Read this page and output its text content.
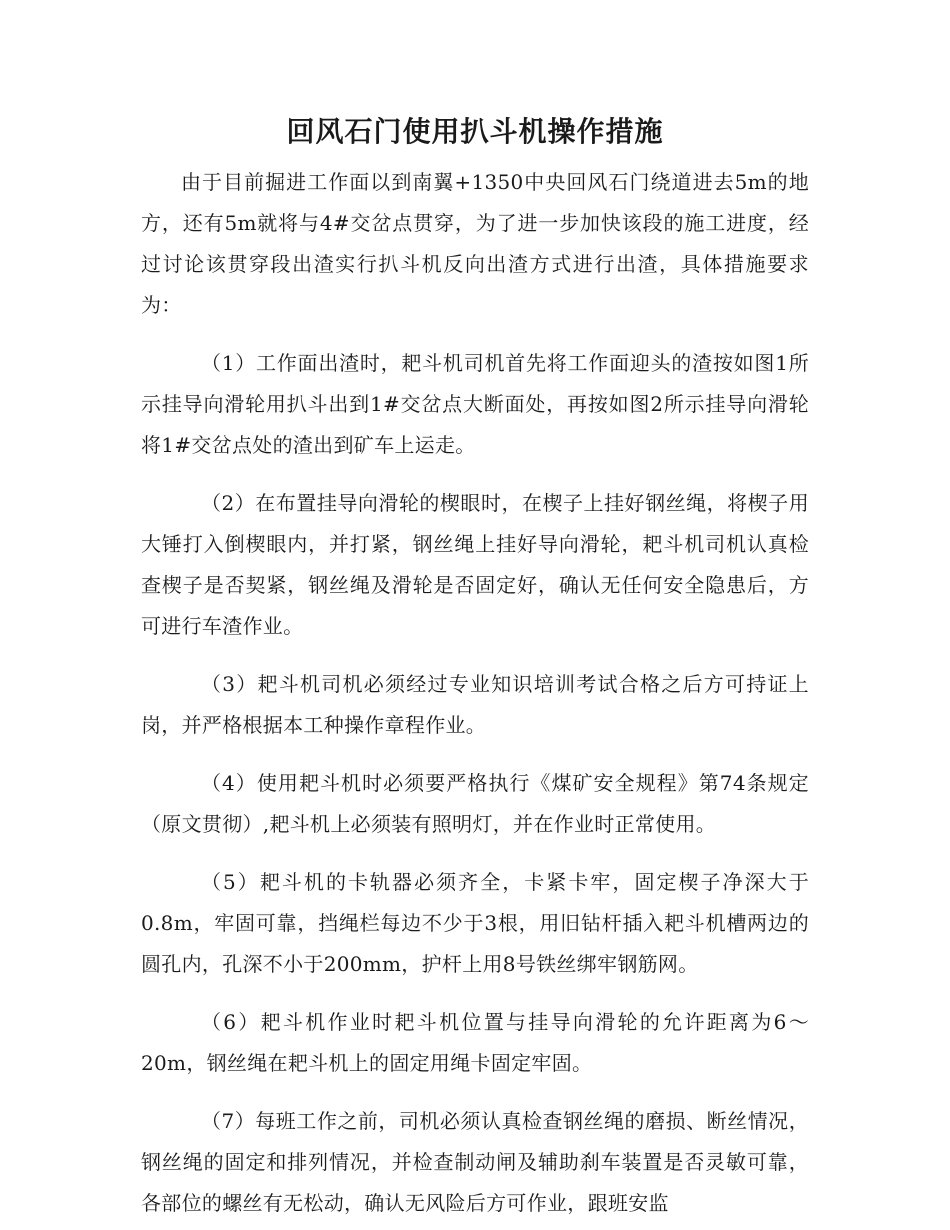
回风石门使用扒斗机操作措施

由于目前掘进工作面以到南翼+1350中央回风石门绕道进去5m的地方，还有5m就将与4#交岔点贯穿，为了进一步加快该段的施工进度，经过讨论该贯穿段出渣实行扒斗机反向出渣方式进行出渣，具体措施要求为：

（1）工作面出渣时，耙斗机司机首先将工作面迎头的渣按如图1所示挂导向滑轮用扒斗出到1#交岔点大断面处，再按如图2所示挂导向滑轮将1#交岔点处的渣出到矿车上运走。

（2）在布置挂导向滑轮的楔眼时，在楔子上挂好钢丝绳，将楔子用大锤打入倒楔眼内，并打紧，钢丝绳上挂好导向滑轮，耙斗机司机认真检查楔子是否契紧，钢丝绳及滑轮是否固定好，确认无任何安全隐患后，方可进行车渣作业。

（3）耙斗机司机必须经过专业知识培训考试合格之后方可持证上岗，并严格根据本工种操作章程作业。

（4）使用耙斗机时必须要严格执行《煤矿安全规程》第74条规定（原文贯彻）,耙斗机上必须装有照明灯，并在作业时正常使用。

（5）耙斗机的卡轨器必须齐全，卡紧卡牢，固定楔子净深大于0.8m，牢固可靠，挡绳栏每边不少于3根，用旧钻杆插入耙斗机槽两边的圆孔内，孔深不小于200mm，护杆上用8号铁丝绑牢钢筋网。

（6）耙斗机作业时耙斗机位置与挂导向滑轮的允许距离为6～20m，钢丝绳在耙斗机上的固定用绳卡固定牢固。

（7）每班工作之前，司机必须认真检查钢丝绳的磨损、断丝情况，钢丝绳的固定和排列情况，并检查制动闸及辅助刹车装置是否灵敏可靠，各部位的螺丝有无松动，确认无风险后方可作业，跟班安监
